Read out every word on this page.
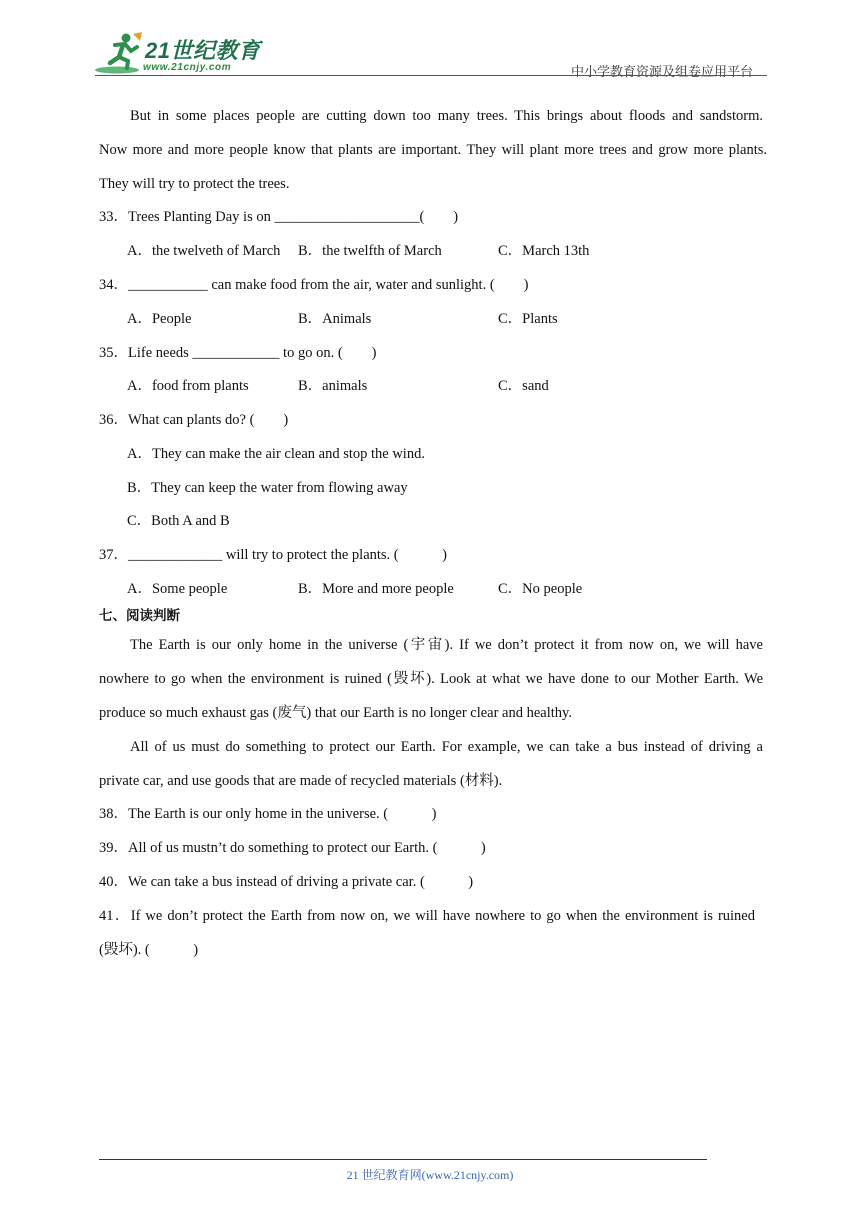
21世纪教育
www.21cnjy.com	中小学教育资源及组卷应用平台
But in some places people are cutting down too many trees. This brings about floods and sandstorm.
Now more and more people know that plants are important. They will plant more trees and grow more plants.
They will try to protect the trees.
33．Trees Planting Day is on ____________________(　　)
A．the twelveth of March B．the twelfth of March	C．March 13th
34．___________ can make food from the air, water and sunlight. (　　)
A．People	B．Animals	C．Plants
35．Life needs ____________ to go on. (　　)
A．food from plants	B．animals	C．sand
36．What can plants do? (　　)
A．They can make the air clean and stop the wind.
B．They can keep the water from flowing away
C．Both A and B
37．_____________ will try to protect the plants. (　　　)
A．Some people	B．More and more people	C．No people
七、阅读判断
The Earth is our only home in the universe (宇宙). If we don’t protect it from now on, we will have
nowhere to go when the environment is ruined (毁坏). Look at what we have done to our Mother Earth. We
produce so much exhaust gas (废气) that our Earth is no longer clear and healthy.
All of us must do something to protect our Earth. For example, we can take a bus instead of driving a
private car, and use goods that are made of recycled materials (材料).
38．The Earth is our only home in the universe. (　　　)
39．All of us mustn’t do something to protect our Earth. (　　　)
40．We can take a bus instead of driving a private car. (　　　)
41．If we don’t protect the Earth from now on, we will have nowhere to go when the environment is ruined
(毁坏). (　　　)
21 世纪教育网(www.21cnjy.com)
